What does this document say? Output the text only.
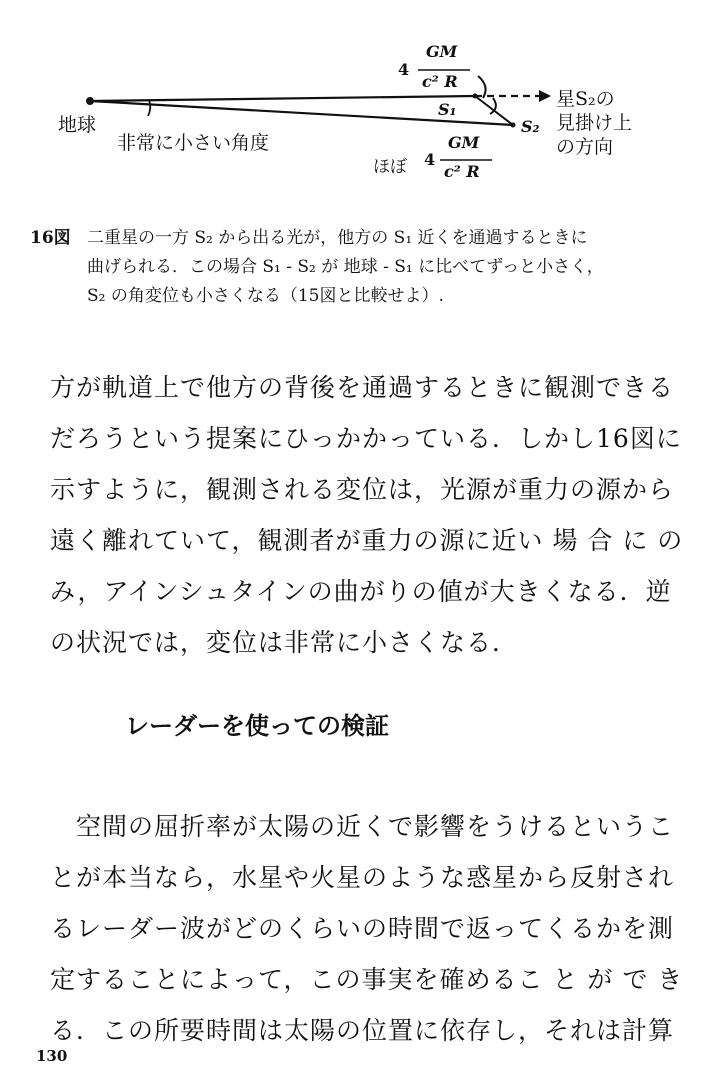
地球
非常に小さい角度
S₁
S₂
星S₂の
見掛け上
の方向
4
GM
c² R
ほぼ 4
GM
c² R
16図 二重星の一方 S₂ から出る光が，他方の S₁ 近くを通過するときに
曲げられる．この場合 S₁ - S₂ が 地球 - S₁ に比べてずっと小さく，
S₂ の角変位も小さくなる（15図と比較せよ）.
方が軌道上で他方の背後を通過するときに観測できる
だろうという提案にひっかかっている．しかし16図に
示すように，観測される変位は，光源が重力の源から
遠く離れていて，観測者が重力の源に近い 場 合 に の
み，アインシュタインの曲がりの値が大きくなる．逆
の状況では，変位は非常に小さくなる．
レーダーを使っての検証
　空間の屈折率が太陽の近くで影響をうけるというこ
とが本当なら，水星や火星のような惑星から反射され
るレーダー波がどのくらいの時間で返ってくるかを測
定することによって，この事実を確めるこ と が で き
る．この所要時間は太陽の位置に依存し，それは計算
130
